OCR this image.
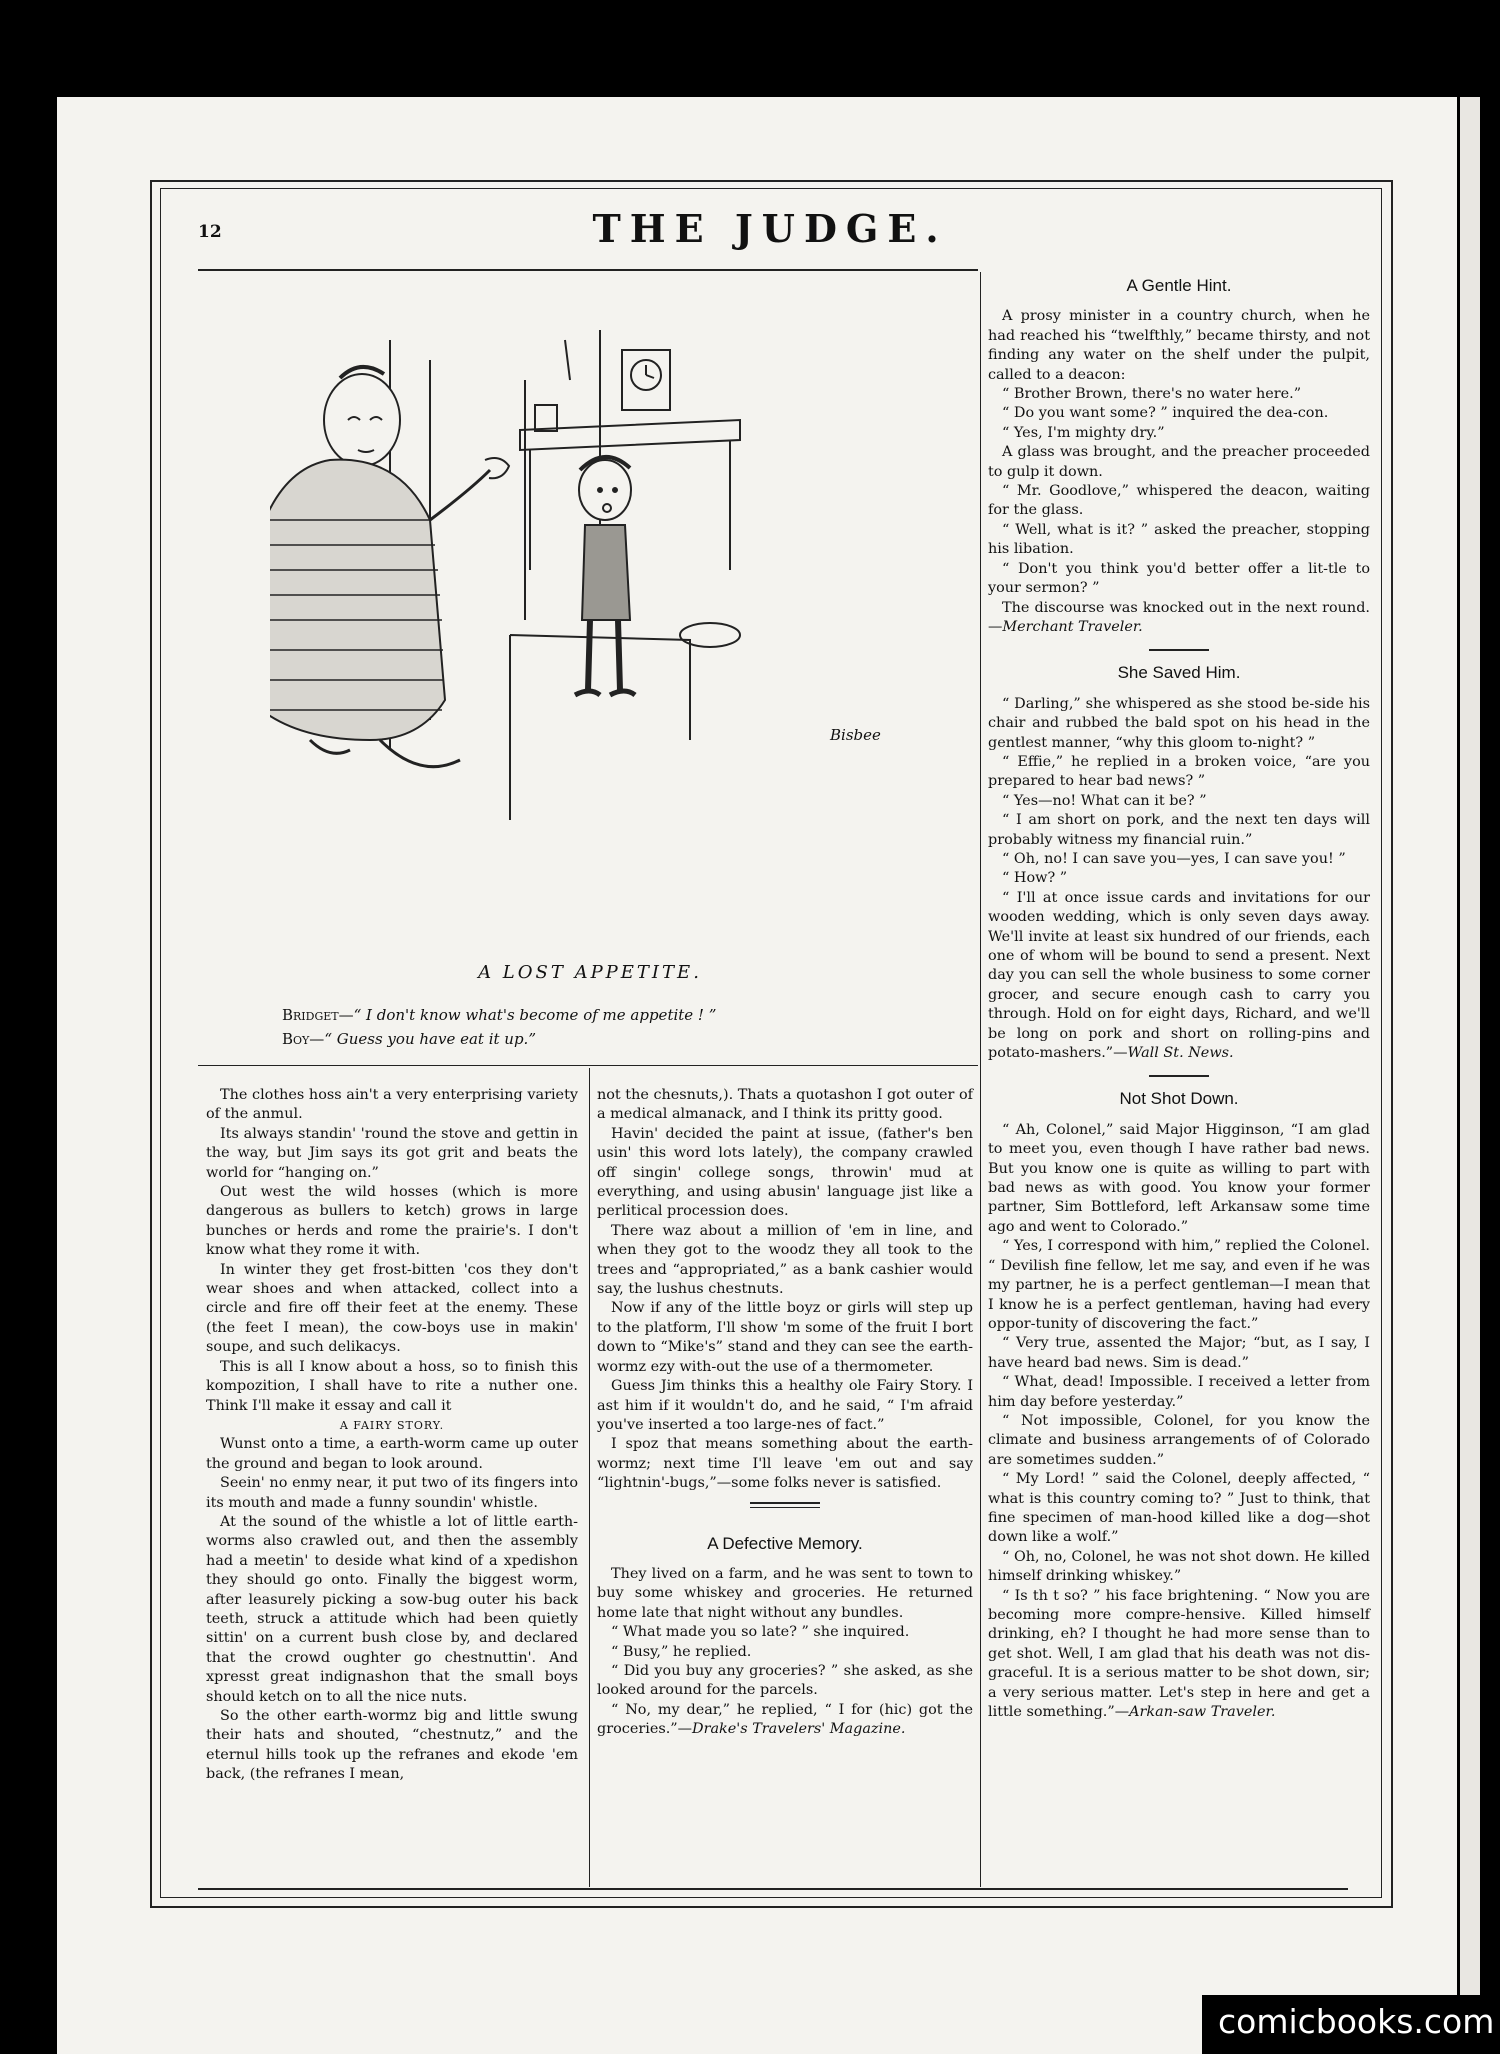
12	THE JUDGE.
Bisbee
A LOST APPETITE.
Bridget—“ I don't know what's become of me appetite ! ”
Boy—“ Guess you have eat it up.”

The clothes hoss ain't a very enterprising variety of the anmul.

Its always standin' 'round the stove and gettin in the way, but Jim says its got grit and beats the world for “hanging on.”

Out west the wild hosses (which is more dangerous as bullers to ketch) grows in large bunches or herds and rome the prairie's. I don't know what they rome it with.

In winter they get frost-bitten 'cos they don't wear shoes and when attacked, collect into a circle and fire off their feet at the enemy. These (the feet I mean), the cow-boys use in makin' soupe, and such delikacys.

This is all I know about a hoss, so to finish this kompozition, I shall have to rite a nuther one. Think I'll make it essay and call it

A FAIRY STORY.

Wunst onto a time, a earth-worm came up outer the ground and began to look around.

Seein' no enmy near, it put two of its fingers into its mouth and made a funny soundin' whistle.

At the sound of the whistle a lot of little earth-worms also crawled out, and then the assembly had a meetin' to deside what kind of a xpedishon they should go onto. Finally the biggest worm, after leasurely picking a sow-bug outer his back teeth, struck a attitude which had been quietly sittin' on a current bush close by, and declared that the crowd oughter go chestnuttin'. And xpresst great indignashon that the small boys should ketch on to all the nice nuts.

So the other earth-wormz big and little swung their hats and shouted, “chestnutz,” and the eternul hills took up the refranes and ekode 'em back, (the refranes I mean,

not the chesnuts,). Thats a quotashon I got outer of a medical almanack, and I think its pritty good.

Havin' decided the paint at issue, (father's ben usin' this word lots lately), the company crawled off singin' college songs, throwin' mud at everything, and using abusin' language jist like a perlitical procession does.

There waz about a million of 'em in line, and when they got to the woodz they all took to the trees and “appropriated,” as a bank cashier would say, the lushus chestnuts.

Now if any of the little boyz or girls will step up to the platform, I'll show 'm some of the fruit I bort down to “Mike's” stand and they can see the earth-wormz ezy with-out the use of a thermometer.

Guess Jim thinks this a healthy ole Fairy Story. I ast him if it wouldn't do, and he said, “ I'm afraid you've inserted a too large-nes of fact.”

I spoz that means something about the earth-wormz; next time I'll leave 'em out and say “lightnin'-bugs,”—some folks never is satisfied.

A Defective Memory.

They lived on a farm, and he was sent to town to buy some whiskey and groceries. He returned home late that night without any bundles.

“ What made you so late? ” she inquired.

“ Busy,” he replied.

“ Did you buy any groceries? ” she asked, as she looked around for the parcels.

“ No, my dear,” he replied, “ I for (hic) got the groceries.”—Drake's Travelers' Magazine.

A Gentle Hint.

A prosy minister in a country church, when he had reached his “twelfthly,” became thirsty, and not finding any water on the shelf under the pulpit, called to a deacon:

“ Brother Brown, there's no water here.”

“ Do you want some? ” inquired the dea-con.

“ Yes, I'm mighty dry.”

A glass was brought, and the preacher proceeded to gulp it down.

“ Mr. Goodlove,” whispered the deacon, waiting for the glass.

“ Well, what is it? ” asked the preacher, stopping his libation.

“ Don't you think you'd better offer a lit-tle to your sermon? ”

The discourse was knocked out in the next round.—Merchant Traveler.

She Saved Him.

“ Darling,” she whispered as she stood be-side his chair and rubbed the bald spot on his head in the gentlest manner, “why this gloom to-night? ”

“ Effie,” he replied in a broken voice, “are you prepared to hear bad news? ”

“ Yes—no! What can it be? ”

“ I am short on pork, and the next ten days will probably witness my financial ruin.”

“ Oh, no! I can save you—yes, I can save you! ”

“ How? ”

“ I'll at once issue cards and invitations for our wooden wedding, which is only seven days away. We'll invite at least six hundred of our friends, each one of whom will be bound to send a present. Next day you can sell the whole business to some corner grocer, and secure enough cash to carry you through. Hold on for eight days, Richard, and we'll be long on pork and short on rolling-pins and potato-mashers.”—Wall St. News.

Not Shot Down.

“ Ah, Colonel,” said Major Higginson, “I am glad to meet you, even though I have rather bad news. But you know one is quite as willing to part with bad news as with good. You know your former partner, Sim Bottleford, left Arkansaw some time ago and went to Colorado.”

“ Yes, I correspond with him,” replied the Colonel. “ Devilish fine fellow, let me say, and even if he was my partner, he is a perfect gentleman—I mean that I know he is a perfect gentleman, having had every oppor-tunity of discovering the fact.”

“ Very true, assented the Major; “but, as I say, I have heard bad news. Sim is dead.”

“ What, dead! Impossible. I received a letter from him day before yesterday.”

“ Not impossible, Colonel, for you know the climate and business arrangements of of Colorado are sometimes sudden.”

“ My Lord! ” said the Colonel, deeply affected, “ what is this country coming to? ” Just to think, that fine specimen of man-hood killed like a dog—shot down like a wolf.”

“ Oh, no, Colonel, he was not shot down. He killed himself drinking whiskey.”

“ Is th t so? ” his face brightening. “ Now you are becoming more compre-hensive. Killed himself drinking, eh? I thought he had more sense than to get shot. Well, I am glad that his death was not dis-graceful. It is a serious matter to be shot down, sir; a very serious matter. Let's step in here and get a little something.”—Arkan-saw Traveler.

comicbooks.com
